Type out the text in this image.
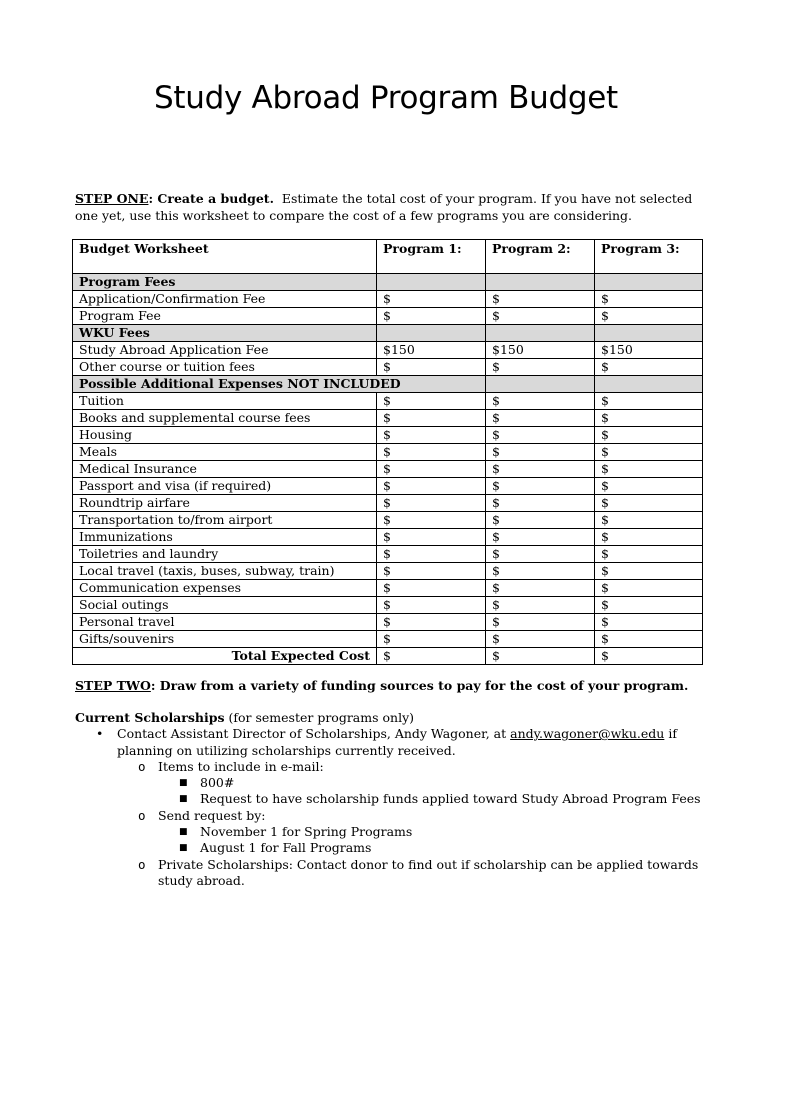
Study Abroad Program Budget
STEP ONE: Create a budget.  Estimate the total cost of your program. If you have not selected one yet, use this worksheet to compare the cost of a few programs you are considering.
Budget Worksheet	Program 1:	Program 2:	Program 3:
Program Fees			
Application/Confirmation Fee	$	$	$
Program Fee	$	$	$
WKU Fees			
Study Abroad Application Fee	$150	$150	$150
Other course or tuition fees	$	$	$
Possible Additional Expenses NOT INCLUDED			
Tuition	$	$	$
Books and supplemental course fees	$	$	$
Housing	$	$	$
Meals	$	$	$
Medical Insurance	$	$	$
Passport and visa (if required)	$	$	$
Roundtrip airfare	$	$	$
Transportation to/from airport	$	$	$
Immunizations	$	$	$
Toiletries and laundry	$	$	$
Local travel (taxis, buses, subway, train)	$	$	$
Communication expenses	$	$	$
Social outings	$	$	$
Personal travel	$	$	$
Gifts/souvenirs	$	$	$
Total Expected Cost	$	$	$
STEP TWO: Draw from a variety of funding sources to pay for the cost of your program.
Current Scholarships (for semester programs only)
• Contact Assistant Director of Scholarships, Andy Wagoner, at andy.wagoner@wku.edu if planning on utilizing scholarships currently received.
o Items to include in e-mail:
■ 800#
■ Request to have scholarship funds applied toward Study Abroad Program Fees
o Send request by:
■ November 1 for Spring Programs
■ August 1 for Fall Programs
o Private Scholarships: Contact donor to find out if scholarship can be applied towards study abroad.
